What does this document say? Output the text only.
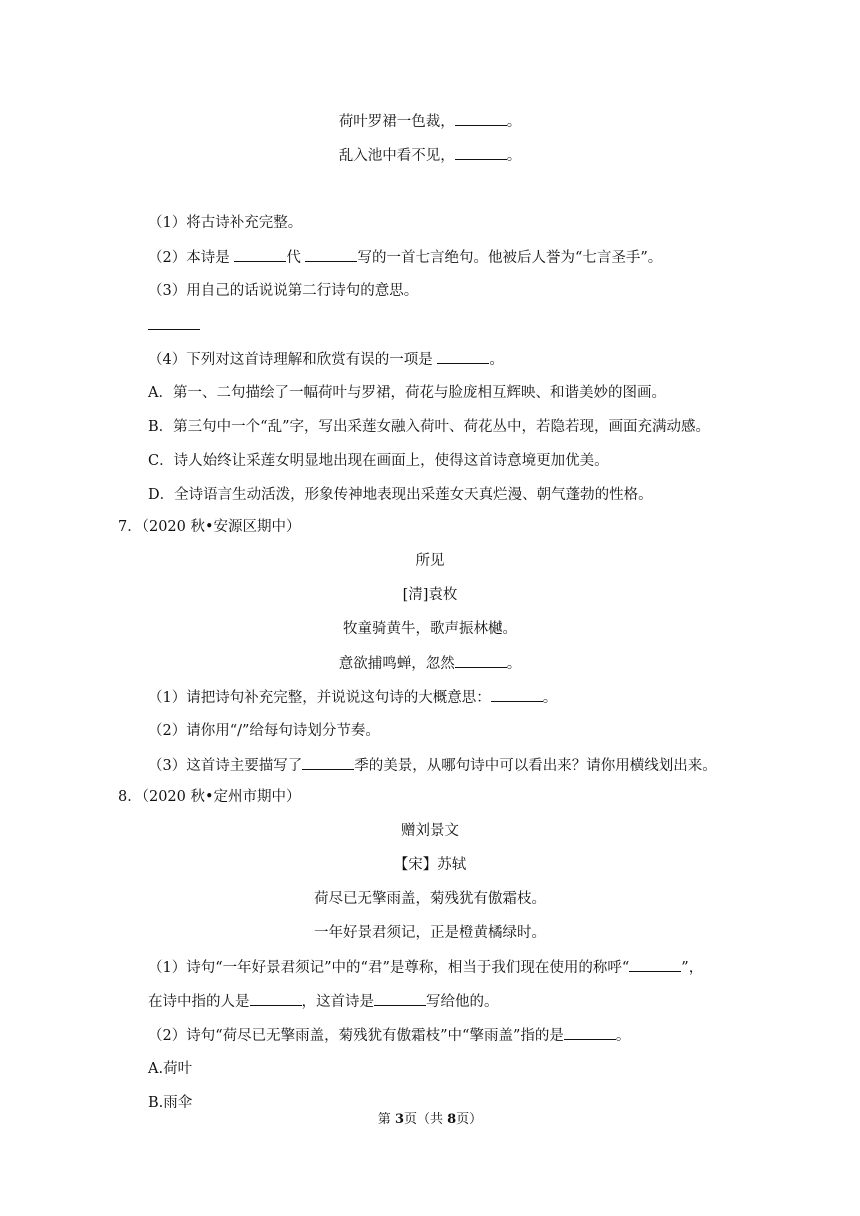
荷叶罗裙一色裁，	。
乱入池中看不见，	。
（1）将古诗补充完整。
（2）本诗是	代	写的一首七言绝句。他被后人誉为“七言圣手”。
（3）用自己的话说说第二行诗句的意思。
（4）下列对这首诗理解和欣赏有误的一项是	。
A．第一、二句描绘了一幅荷叶与罗裙，荷花与脸庞相互辉映、和谐美妙的图画。
B．第三句中一个“乱”字，写出采莲女融入荷叶、荷花丛中，若隐若现，画面充满动感。
C．诗人始终让采莲女明显地出现在画面上，使得这首诗意境更加优美。
D．全诗语言生动活泼，形象传神地表现出采莲女天真烂漫、朝气蓬勃的性格。
7．（2020 秋•安源区期中）
所见
[清]袁枚
牧童骑黄牛，歌声振林樾。
意欲捕鸣蝉，忽然	。
（1）请把诗句补充完整，并说说这句诗的大概意思：	。
（2）请你用“/”给每句诗划分节奏。
（3）这首诗主要描写了	季的美景，从哪句诗中可以看出来？请你用横线划出来。
8．（2020 秋•定州市期中）
赠刘景文
【宋】苏轼
荷尽已无擎雨盖，菊残犹有傲霜枝。
一年好景君须记，正是橙黄橘绿时。
（1）诗句“一年好景君须记”中的“君”是尊称，相当于我们现在使用的称呼“	”，
在诗中指的人是	，这首诗是	写给他的。
（2）诗句“荷尽已无擎雨盖，菊残犹有傲霜枝”中“擎雨盖”指的是	。
A.荷叶
B.雨伞
第 3页（共 8页）
